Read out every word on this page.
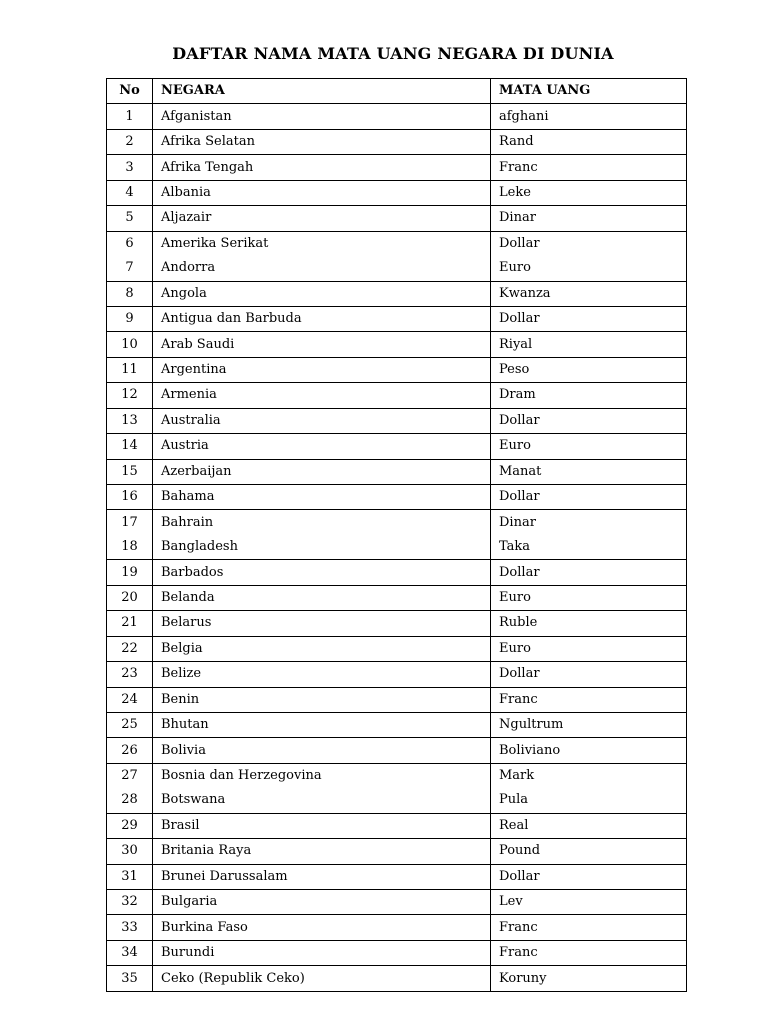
DAFTAR NAMA MATA UANG NEGARA DI DUNIA
No	NEGARA	MATA UANG
1	Afganistan	afghani
2	Afrika Selatan	Rand
3	Afrika Tengah	Franc
4	Albania	Leke
5	Aljazair	Dinar
6	Amerika Serikat	Dollar
7	Andorra	Euro
8	Angola	Kwanza
9	Antigua dan Barbuda	Dollar
10	Arab Saudi	Riyal
11	Argentina	Peso
12	Armenia	Dram
13	Australia	Dollar
14	Austria	Euro
15	Azerbaijan	Manat
16	Bahama	Dollar
17	Bahrain	Dinar
18	Bangladesh	Taka
19	Barbados	Dollar
20	Belanda	Euro
21	Belarus	Ruble
22	Belgia	Euro
23	Belize	Dollar
24	Benin	Franc
25	Bhutan	Ngultrum
26	Bolivia	Boliviano
27	Bosnia dan Herzegovina	Mark
28	Botswana	Pula
29	Brasil	Real
30	Britania Raya	Pound
31	Brunei Darussalam	Dollar
32	Bulgaria	Lev
33	Burkina Faso	Franc
34	Burundi	Franc
35	Ceko (Republik Ceko)	Koruny
